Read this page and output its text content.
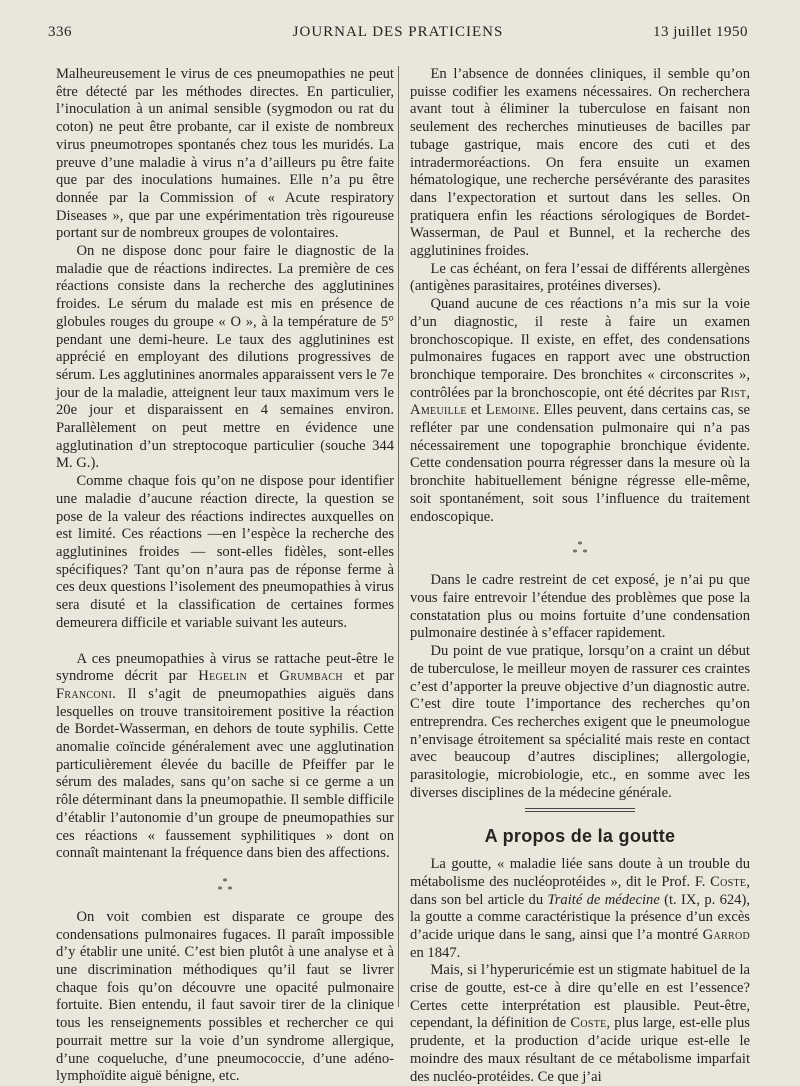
336	JOURNAL DES PRATICIENS	13 juillet 1950

Malheureusement le virus de ces pneumopathies ne peut être détecté par les méthodes directes. En particulier, l’inoculation à un animal sensible (sygmodon ou rat du coton) ne peut être probante, car il existe de nombreux virus pneumotropes spontanés chez tous les muridés. La preuve d’une maladie à virus n’a d’ailleurs pu être faite que par des inoculations humaines. Elle n’a pu être donnée par la Commission of « Acute respiratory Diseases », que par une expérimentation très rigoureuse portant sur de nombreux groupes de volontaires.

On ne dispose donc pour faire le diagnostic de la maladie que de réactions indirectes. La première de ces réactions consiste dans la recherche des agglutinines froides. Le sérum du malade est mis en présence de globules rouges du groupe « O », à la température de 5° pendant une demi-heure. Le taux des agglutinines est apprécié en employant des dilutions progressives de sérum. Les agglutinines anormales apparaissent vers le 7e jour de la maladie, atteignent leur taux maximum vers le 20e jour et disparaissent en 4 semaines environ. Parallèlement on peut mettre en évidence une agglutination d’un streptocoque particulier (souche 344 M. G.).

Comme chaque fois qu’on ne dispose pour identifier une maladie d’aucune réaction directe, la question se pose de la valeur des réactions indirectes auxquelles on est limité. Ces réactions —en l’espèce la recherche des agglutinines froides — sont-elles fidèles, sont-elles spécifiques? Tant qu’on n’aura pas de réponse ferme à ces deux questions l’isolement des pneumopathies à virus sera disuté et la classification de certaines formes demeurera difficile et variable suivant les auteurs.

A ces pneumopathies à virus se rattache peut-être le syndrome décrit par Hegelin et Grumbach et par Franconi. Il s’agit de pneumopathies aiguës dans lesquelles on trouve transitoirement positive la réaction de Bordet-Wasserman, en dehors de toute syphilis. Cette anomalie coïncide généralement avec une agglutination particulièrement élevée du bacille de Pfeiffer par le sérum des malades, sans qu’on sache si ce germe a un rôle déterminant dans la pneumopathie. Il semble difficile d’établir l’autonomie d’un groupe de pneumopathies sur ces réactions « faussement syphilitiques » dont on connaît maintenant la fréquence dans bien des affections.

*
*  *

On voit combien est disparate ce groupe des condensations pulmonaires fugaces. Il paraît impossible d’y établir une unité. C’est bien plutôt à une analyse et à une discrimination méthodiques qu’il faut se livrer chaque fois qu’on découvre une opacité pulmonaire fortuite. Bien entendu, il faut savoir tirer de la clinique tous les renseignements possibles et rechercher ce qui pourrait mettre sur la voie d’un syndrome allergique, d’une coqueluche, d’une pneumococcie, d’une adéno-lymphoïdite aiguë bénigne, etc.

En l’absence de données cliniques, il semble qu’on puisse codifier les examens nécessaires. On recherchera avant tout à éliminer la tuberculose en faisant non seulement des recherches minutieuses de bacilles par tubage gastrique, mais encore des cuti et des intradermoréactions. On fera ensuite un examen hématologique, une recherche persévérante des parasites dans l’expectoration et surtout dans les selles. On pratiquera enfin les réactions sérologiques de Bordet-Wasserman, de Paul et Bunnel, et la recherche des agglutinines froides.

Le cas échéant, on fera l’essai de différents allergènes (antigènes parasitaires, protéines diverses).

Quand aucune de ces réactions n’a mis sur la voie d’un diagnostic, il reste à faire un examen bronchoscopique. Il existe, en effet, des condensations pulmonaires fugaces en rapport avec une obstruction bronchique temporaire. Des bronchites « circonscrites », contrôlées par la bronchoscopie, ont été décrites par Rist, Ameuille et Lemoine. Elles peuvent, dans certains cas, se refléter par une condensation pulmonaire qui n’a pas nécessairement une topographie bronchique évidente. Cette condensation pourra régresser dans la mesure où la bronchite habituellement bénigne régresse elle-même, soit spontanément, soit sous l’influence du traitement endoscopique.

*
*  *

Dans le cadre restreint de cet exposé, je n’ai pu que vous faire entrevoir l’étendue des problèmes que pose la constatation plus ou moins fortuite d’une condensation pulmonaire destinée à s’effacer rapidement.

Du point de vue pratique, lorsqu’on a craint un début de tuberculose, le meilleur moyen de rassurer ces craintes c’est d’apporter la preuve objective d’un diagnostic autre. C’est dire toute l’importance des recherches qu’on entreprendra. Ces recherches exigent que le pneumologue n’envisage étroitement sa spécialité mais reste en contact avec beaucoup d’autres disciplines; allergologie, parasitologie, microbiologie, etc., en somme avec les diverses disciplines de la médecine générale.

A propos de la goutte

La goutte, « maladie liée sans doute à un trouble du métabolisme des nucléoprotéides », dit le Prof. F. Coste, dans son bel article du Traité de médecine (t. IX, p. 624), la goutte a comme caractéristique la présence d’un excès d’acide urique dans le sang, ainsi que l’a montré Garrod en 1847.

Mais, si l’hyperuricémie est un stigmate habituel de la crise de goutte, est-ce à dire qu’elle en est l’essence? Certes cette interprétation est plausible. Peut-être, cependant, la définition de Coste, plus large, est-elle plus prudente, et la production d’acide urique est-elle le moindre des maux résultant de ce métabolisme imparfait des nucléo-protéides. Ce que j’ai
